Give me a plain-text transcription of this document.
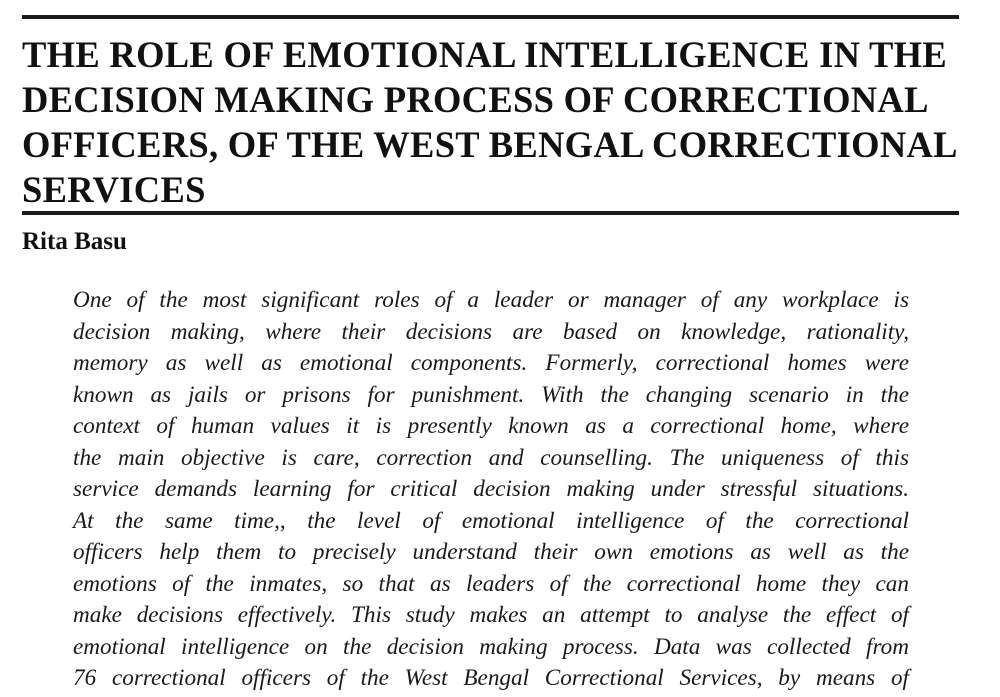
THE ROLE OF EMOTIONAL INTELLIGENCE IN THE
DECISION MAKING PROCESS OF CORRECTIONAL
OFFICERS, OF THE WEST BENGAL CORRECTIONAL
SERVICES
Rita Basu
One of the most significant roles of a leader or manager of any workplace is
decision making, where their decisions are based on knowledge, rationality,
memory as well as emotional components. Formerly, correctional homes were
known as jails or prisons for punishment. With the changing scenario in the
context of human values it is presently known as a correctional home, where
the main objective is care, correction and counselling. The uniqueness of this
service demands learning for critical decision making under stressful situations.
At the same time,, the level of emotional intelligence of the correctional
officers help them to precisely understand their own emotions as well as the
emotions of the inmates, so that as leaders of the correctional home they can
make decisions effectively. This study makes an attempt to analyse the effect of
emotional intelligence on the decision making process. Data was collected from
76 correctional officers of the West Bengal Correctional Services, by means of
